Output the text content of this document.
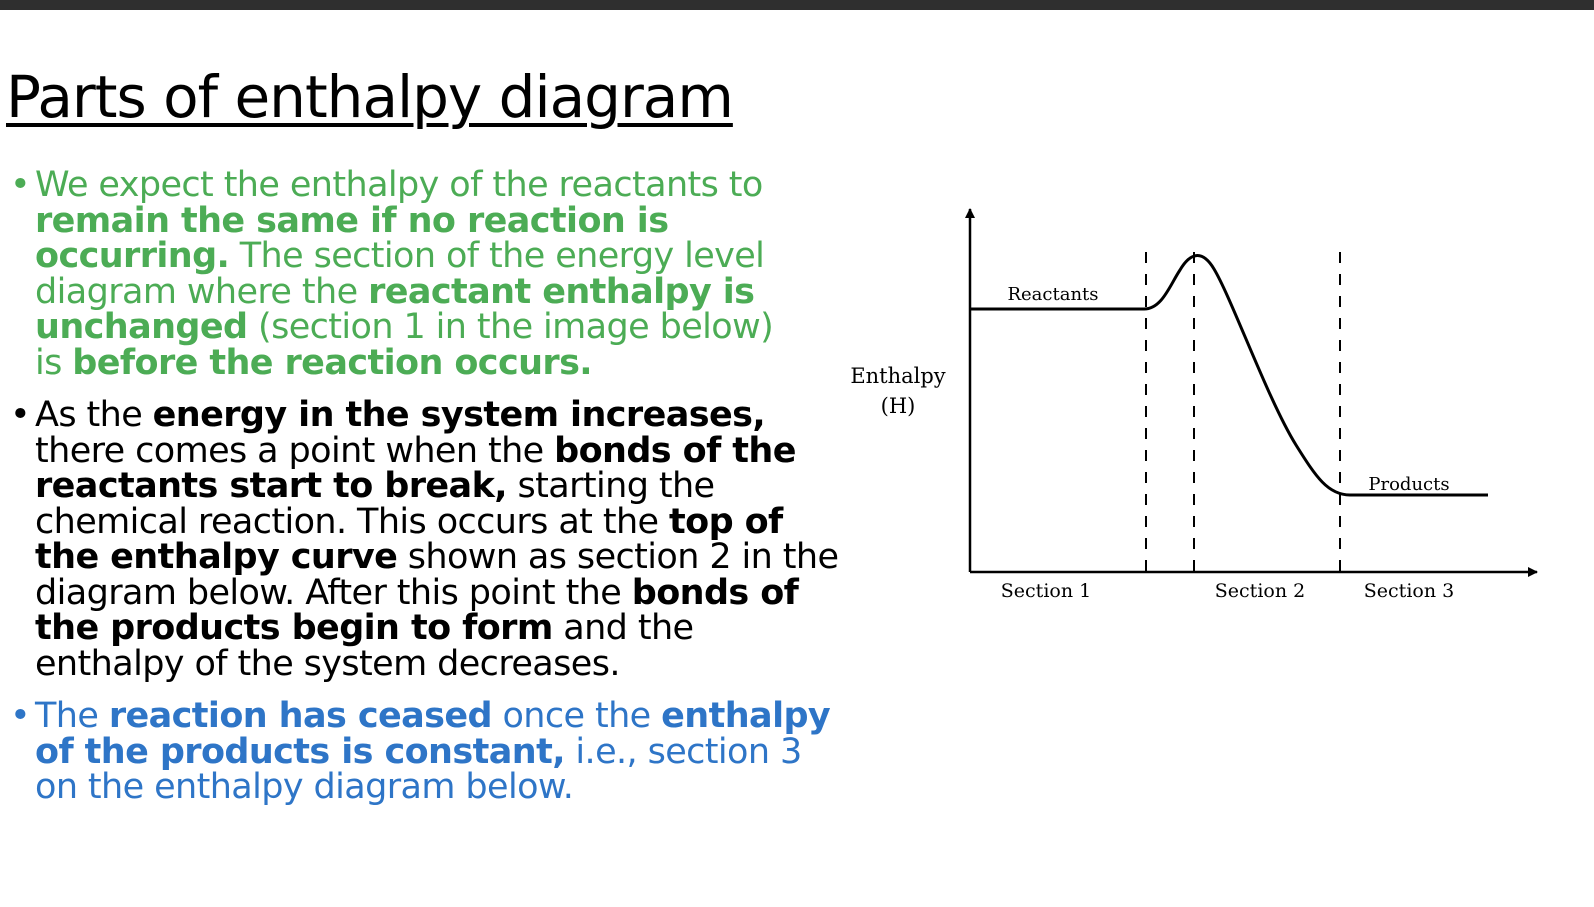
Parts of enthalpy diagram
• We expect the enthalpy of the reactants to remain the same if no reaction is occurring. The section of the energy level diagram where the reactant enthalpy is unchanged (section 1 in the image below) is before the reaction occurs.
• As the energy in the system increases, there comes a point when the bonds of the reactants start to break, starting the chemical reaction. This occurs at the top of the enthalpy curve shown as section 2 in the diagram below. After this point the bonds of the products begin to form and the enthalpy of the system decreases.
• The reaction has ceased once the enthalpy of the products is constant, i.e., section 3 on the enthalpy diagram below.
Enthalpy
(H)
Reactants
Products
Section 1	Section 2	Section 3
